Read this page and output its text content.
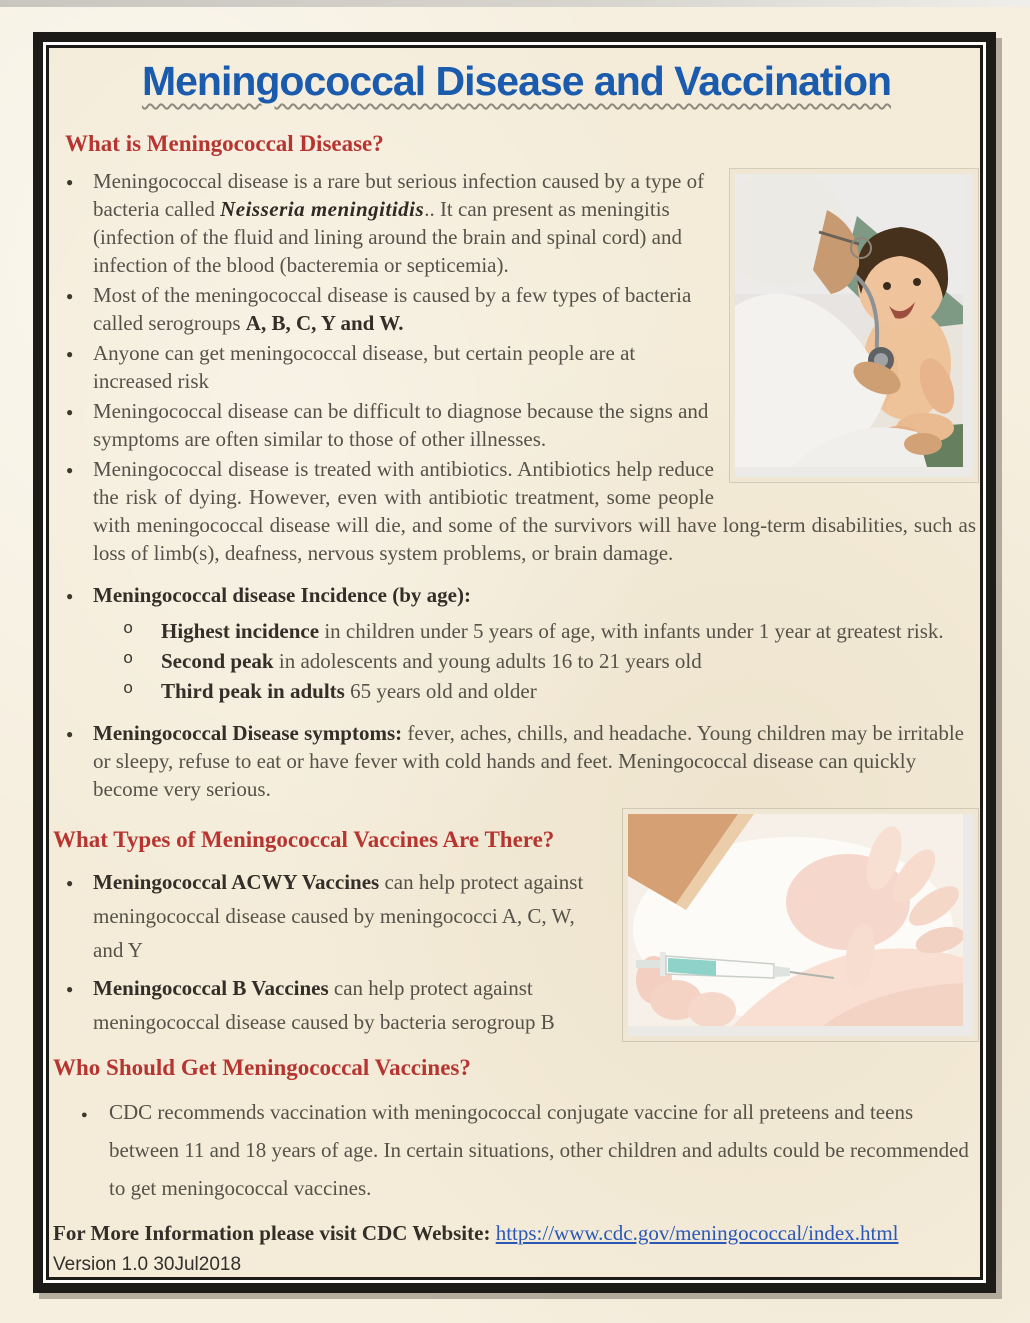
Meningococcal Disease and Vaccination
What is Meningococcal Disease?
● Meningococcal disease is a rare but serious infection caused by a type of bacteria called Neisseria meningitidis.. It can present as meningitis (infection of the fluid and lining around the brain and spinal cord) and infection of the blood (bacteremia or septicemia).
● Most of the meningococcal disease is caused by a few types of bacteria called serogroups A, B, C, Y and W.
● Anyone can get meningococcal disease, but certain people are at increased risk
● Meningococcal disease can be difficult to diagnose because the signs and symptoms are often similar to those of other illnesses.
● Meningococcal disease is treated with antibiotics. Antibiotics help reduce the risk of dying. However, even with antibiotic treatment, some people with meningococcal disease will die, and some of the survivors will have long-term disabilities, such as loss of limb(s), deafness, nervous system problems, or brain damage.
● Meningococcal disease Incidence (by age):
o Highest incidence in children under 5 years of age, with infants under 1 year at greatest risk.
o Second peak in adolescents and young adults 16 to 21 years old
o Third peak in adults 65 years old and older
● Meningococcal Disease symptoms: fever, aches, chills, and headache. Young children may be irritable or sleepy, refuse to eat or have fever with cold hands and feet. Meningococcal disease can quickly become very serious.
What Types of Meningococcal Vaccines Are There?
● Meningococcal ACWY Vaccines can help protect against meningococcal disease caused by meningococci A, C, W, and Y
● Meningococcal B Vaccines can help protect against meningococcal disease caused by bacteria serogroup B
Who Should Get Meningococcal Vaccines?
● CDC recommends vaccination with meningococcal conjugate vaccine for all preteens and teens between 11 and 18 years of age. In certain situations, other children and adults could be recommended to get meningococcal vaccines.
For More Information please visit CDC Website: https://www.cdc.gov/meningococcal/index.html
Version 1.0 30Jul2018
